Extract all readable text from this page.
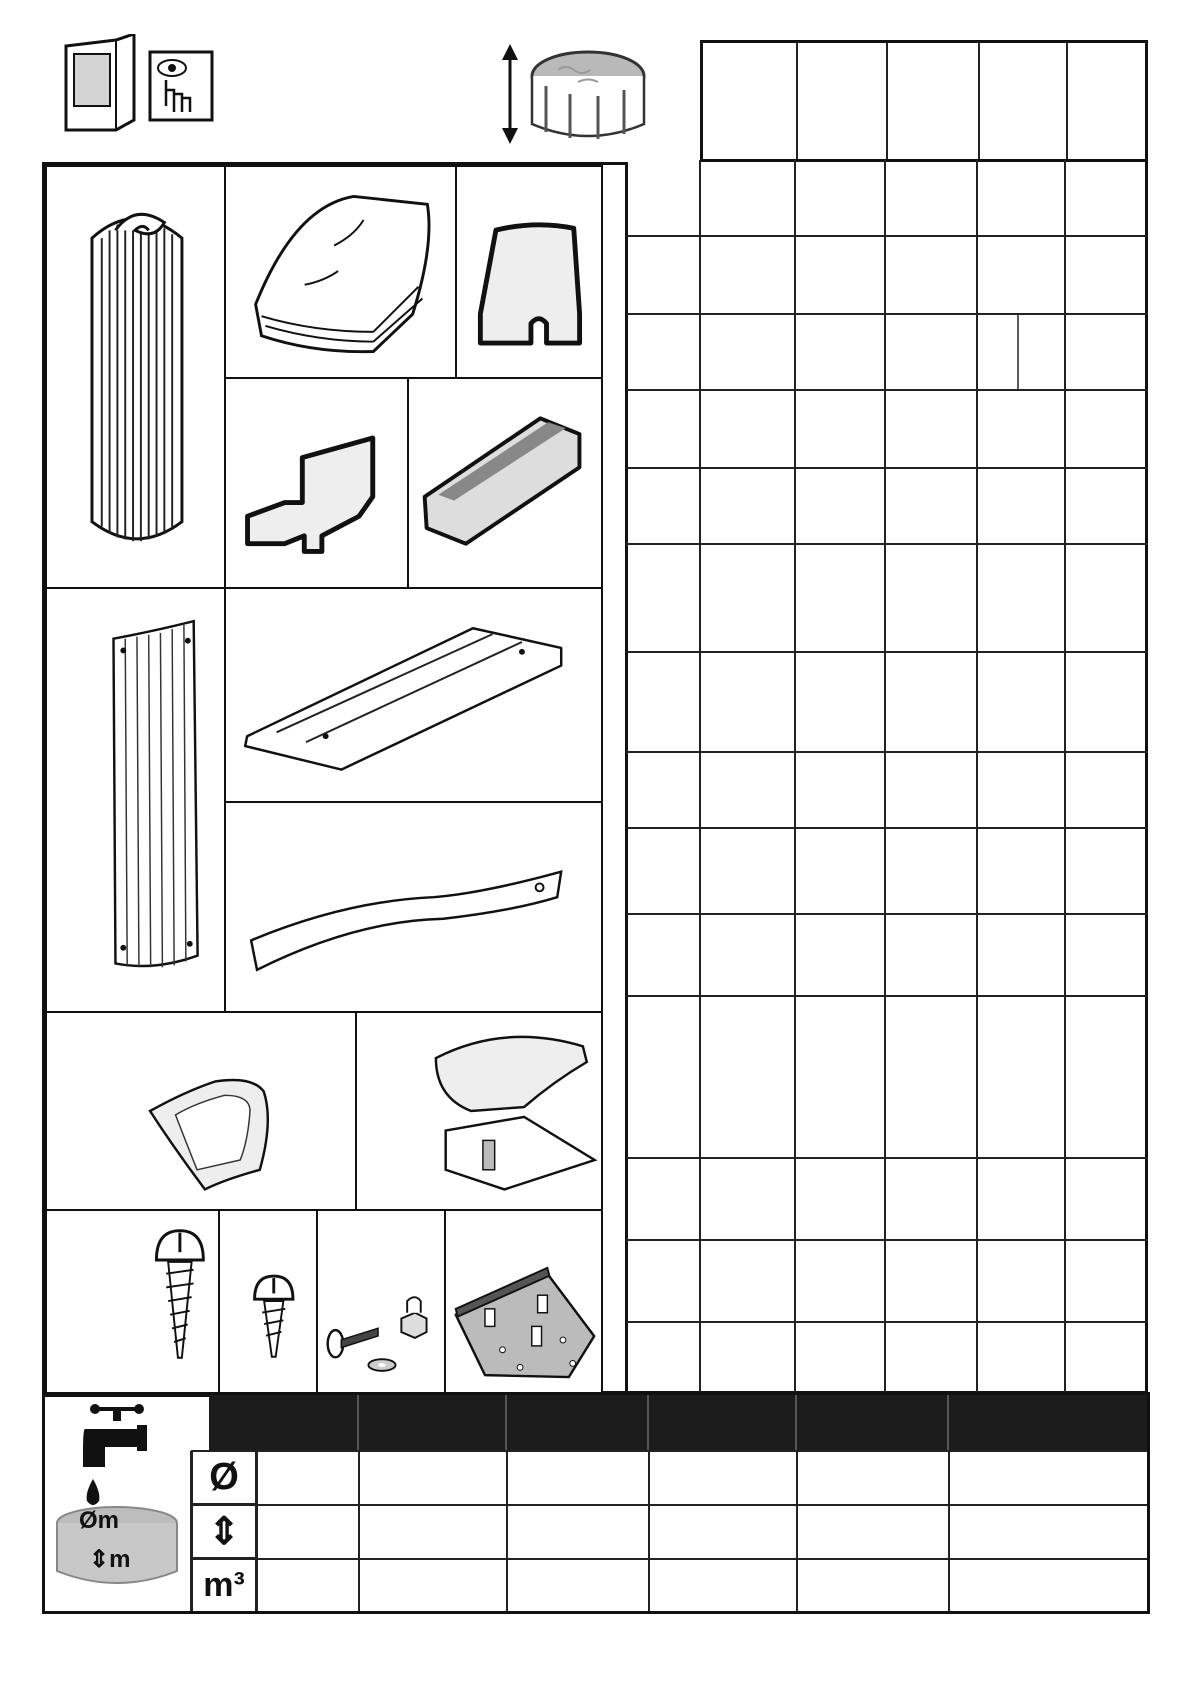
Øm
⇕m
Ø
⇕
m³
